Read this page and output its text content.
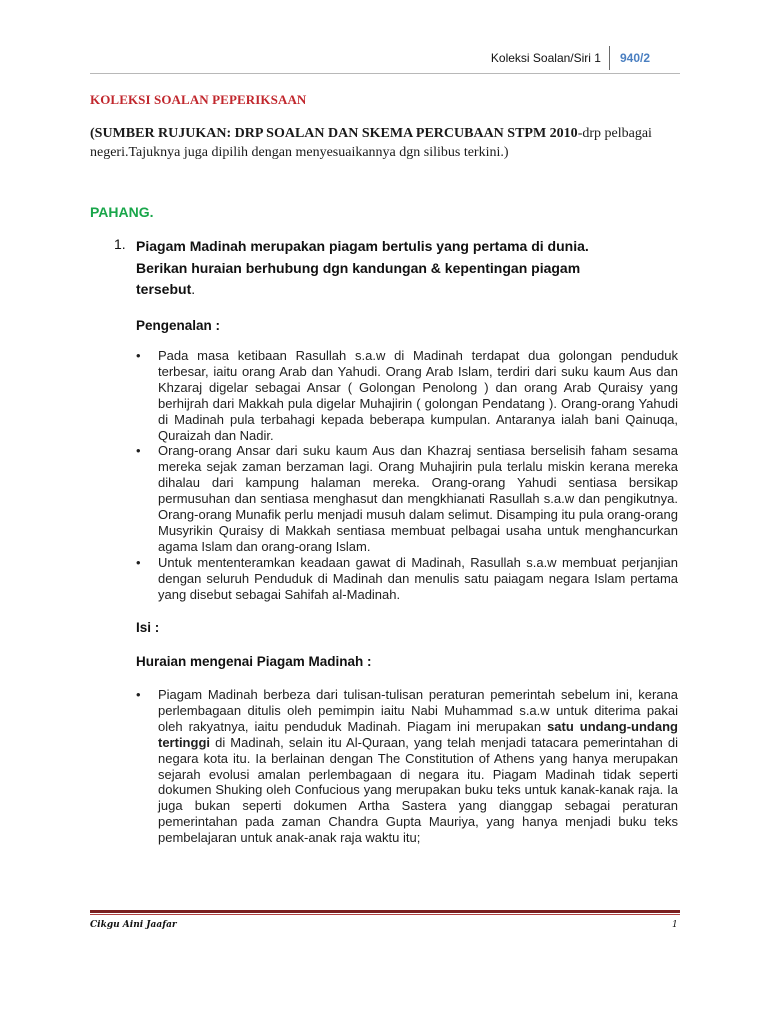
Koleksi Soalan/Siri 1	940/2
KOLEKSI SOALAN PEPERIKSAAN
(SUMBER RUJUKAN: DRP SOALAN DAN SKEMA PERCUBAAN STPM 2010-drp pelbagai negeri.Tajuknya juga dipilih dengan menyesuaikannya dgn silibus terkini.)
PAHANG.
1. Piagam Madinah merupakan piagam bertulis yang pertama di dunia. Berikan huraian berhubung dgn kandungan & kepentingan piagam tersebut.
Pengenalan :
• Pada masa ketibaan Rasullah s.a.w di Madinah terdapat dua golongan penduduk terbesar, iaitu orang Arab dan Yahudi. Orang Arab Islam, terdiri dari suku kaum Aus dan Khzaraj digelar sebagai Ansar ( Golongan Penolong ) dan orang Arab Quraisy yang berhijrah dari Makkah pula digelar Muhajirin ( golongan Pendatang ). Orang-orang Yahudi di Madinah pula terbahagi kepada beberapa kumpulan. Antaranya ialah bani Qainuqa, Quraizah dan Nadir.
• Orang-orang Ansar dari suku kaum Aus dan Khazraj sentiasa berselisih faham sesama mereka sejak zaman berzaman lagi. Orang Muhajirin pula terlalu miskin kerana mereka dihalau dari kampung halaman mereka. Orang-orang Yahudi sentiasa bersikap permusuhan dan sentiasa menghasut dan mengkhianati Rasullah s.a.w dan pengikutnya. Orang-orang Munafik perlu menjadi musuh dalam selimut. Disamping itu pula orang-orang Musyrikin Quraisy di Makkah sentiasa membuat pelbagai usaha untuk menghancurkan agama Islam dan orang-orang Islam.
• Untuk mententeramkan keadaan gawat di Madinah, Rasullah s.a.w membuat perjanjian dengan seluruh Penduduk di Madinah dan menulis satu paiagam negara Islam pertama yang disebut sebagai Sahifah al-Madinah.
Isi :
Huraian mengenai Piagam Madinah :
• Piagam Madinah berbeza dari tulisan-tulisan peraturan pemerintah sebelum ini, kerana perlembagaan ditulis oleh pemimpin iaitu Nabi Muhammad s.a.w untuk diterima pakai oleh rakyatnya, iaitu penduduk Madinah. Piagam ini merupakan satu undang-undang tertinggi di Madinah, selain itu Al-Quraan, yang telah menjadi tatacara pemerintahan di negara kota itu. Ia berlainan dengan The Constitution of Athens yang hanya merupakan sejarah evolusi amalan perlembagaan di negara itu. Piagam Madinah tidak seperti dokumen Shuking oleh Confucious yang merupakan buku teks untuk kanak-kanak raja. Ia juga bukan seperti dokumen Artha Sastera yang dianggap sebagai peraturan pemerintahan pada zaman Chandra Gupta Mauriya, yang hanya menjadi buku teks pembelajaran untuk anak-anak raja waktu itu;
Cikgu Aini Jaafar	1
